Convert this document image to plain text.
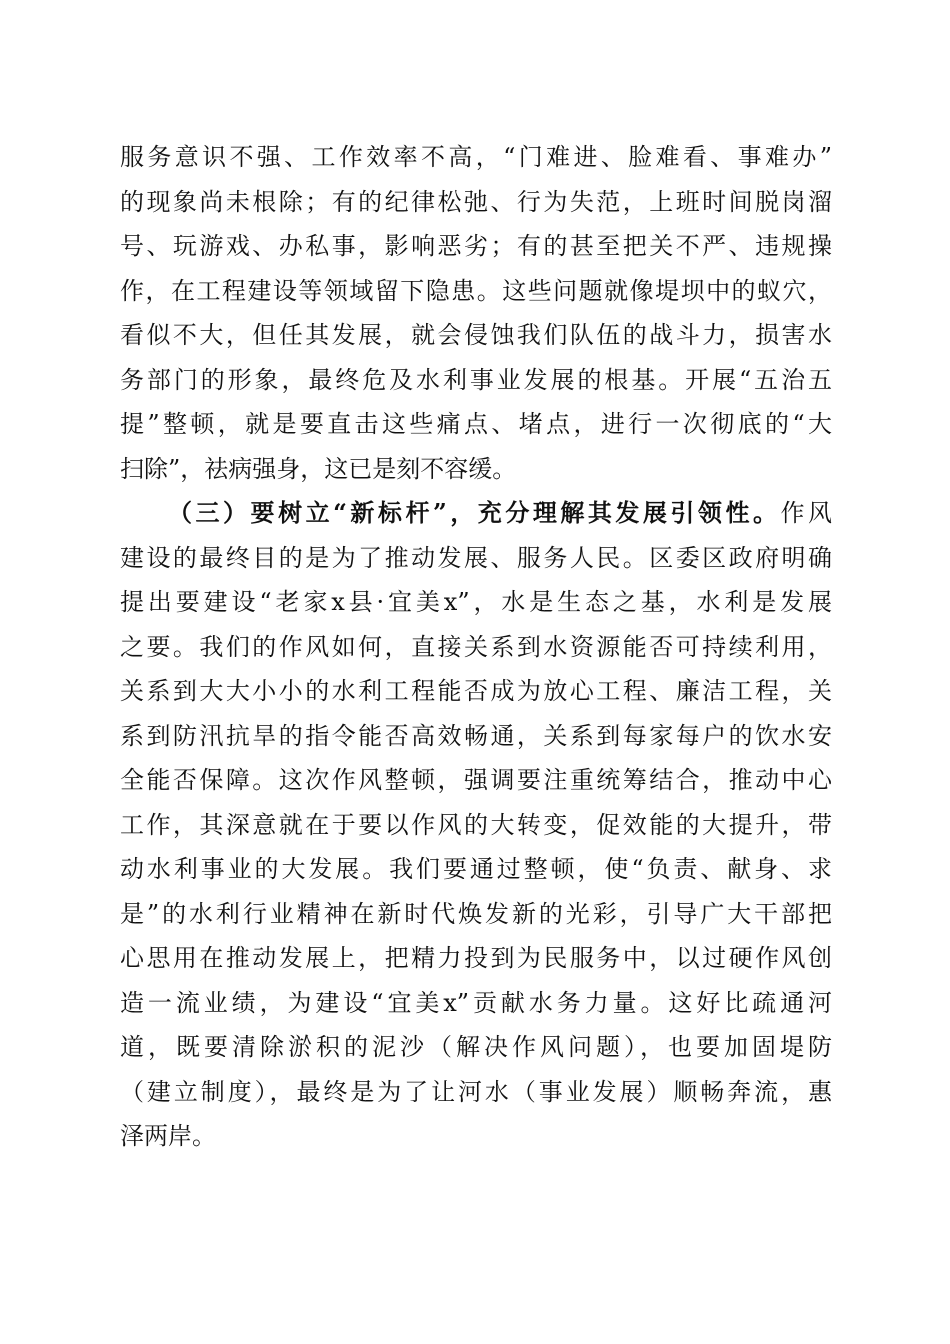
服务意识不强、工作效率不高，“门难进、脸难看、事难办”
的现象尚未根除；有的纪律松弛、行为失范，上班时间脱岗溜
号、玩游戏、办私事，影响恶劣；有的甚至把关不严、违规操
作，在工程建设等领域留下隐患。这些问题就像堤坝中的蚁穴，
看似不大，但任其发展，就会侵蚀我们队伍的战斗力，损害水
务部门的形象，最终危及水利事业发展的根基。开展“五治五
提”整顿，就是要直击这些痛点、堵点，进行一次彻底的“大
扫除”，祛病强身，这已是刻不容缓。
（三）要树立“新标杆”，充分理解其发展引领性。作风
建设的最终目的是为了推动发展、服务人民。区委区政府明确
提出要建设“老家x县·宜美x”，水是生态之基，水利是发展
之要。我们的作风如何，直接关系到水资源能否可持续利用，
关系到大大小小的水利工程能否成为放心工程、廉洁工程，关
系到防汛抗旱的指令能否高效畅通，关系到每家每户的饮水安
全能否保障。这次作风整顿，强调要注重统筹结合，推动中心
工作，其深意就在于要以作风的大转变，促效能的大提升，带
动水利事业的大发展。我们要通过整顿，使“负责、献身、求
是”的水利行业精神在新时代焕发新的光彩，引导广大干部把
心思用在推动发展上，把精力投到为民服务中，以过硬作风创
造一流业绩，为建设“宜美x”贡献水务力量。这好比疏通河
道，既要清除淤积的泥沙（解决作风问题），也要加固堤防
（建立制度），最终是为了让河水（事业发展）顺畅奔流，惠
泽两岸。
